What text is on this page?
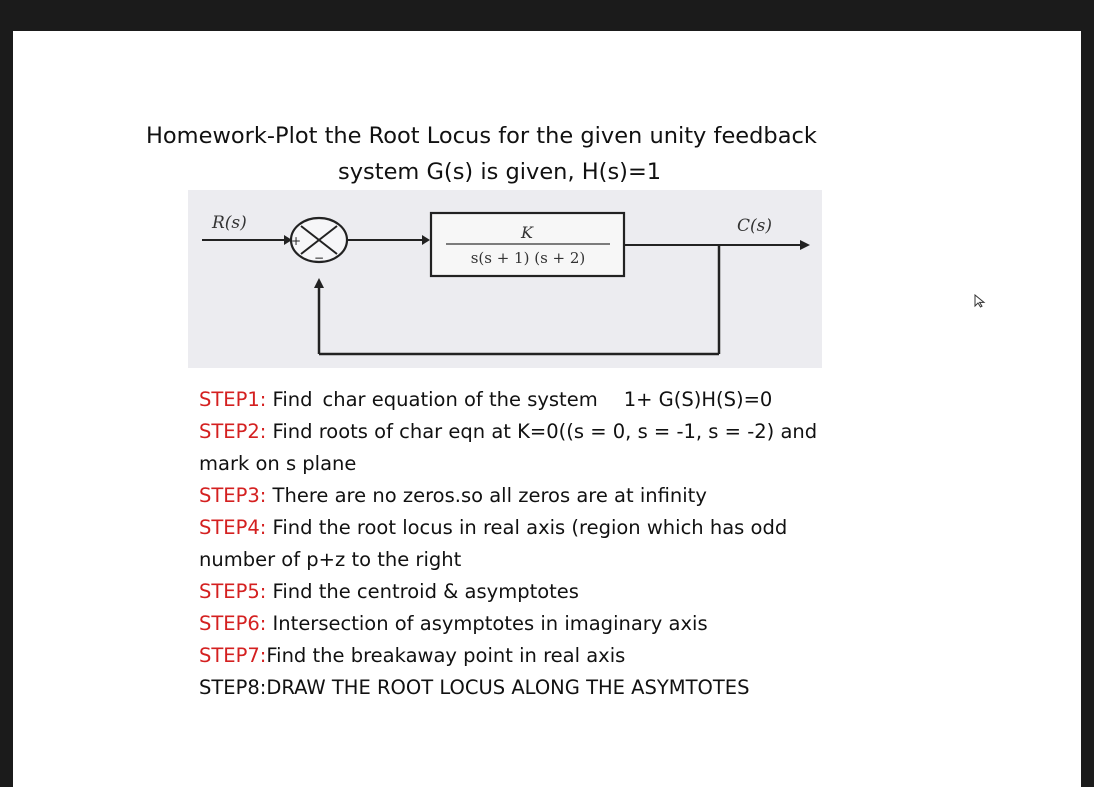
Homework-Plot the Root Locus for the given unity feedback
system G(s) is given, H(s)=1
R(s)
+
−
K
s(s + 1) (s + 2)
C(s)
STEP1: Find char equation of the system 1+ G(S)H(S)=0
STEP2: Find roots of char eqn at K=0((s = 0, s = -1, s = -2) and
mark on s plane
STEP3: There are no zeros.so all zeros are at infinity
STEP4: Find the root locus in real axis (region which has odd
number of p+z to the right
STEP5: Find the centroid & asymptotes
STEP6: Intersection of asymptotes in imaginary axis
STEP7:Find the breakaway point in real axis
STEP8:DRAW THE ROOT LOCUS ALONG THE ASYMTOTES
